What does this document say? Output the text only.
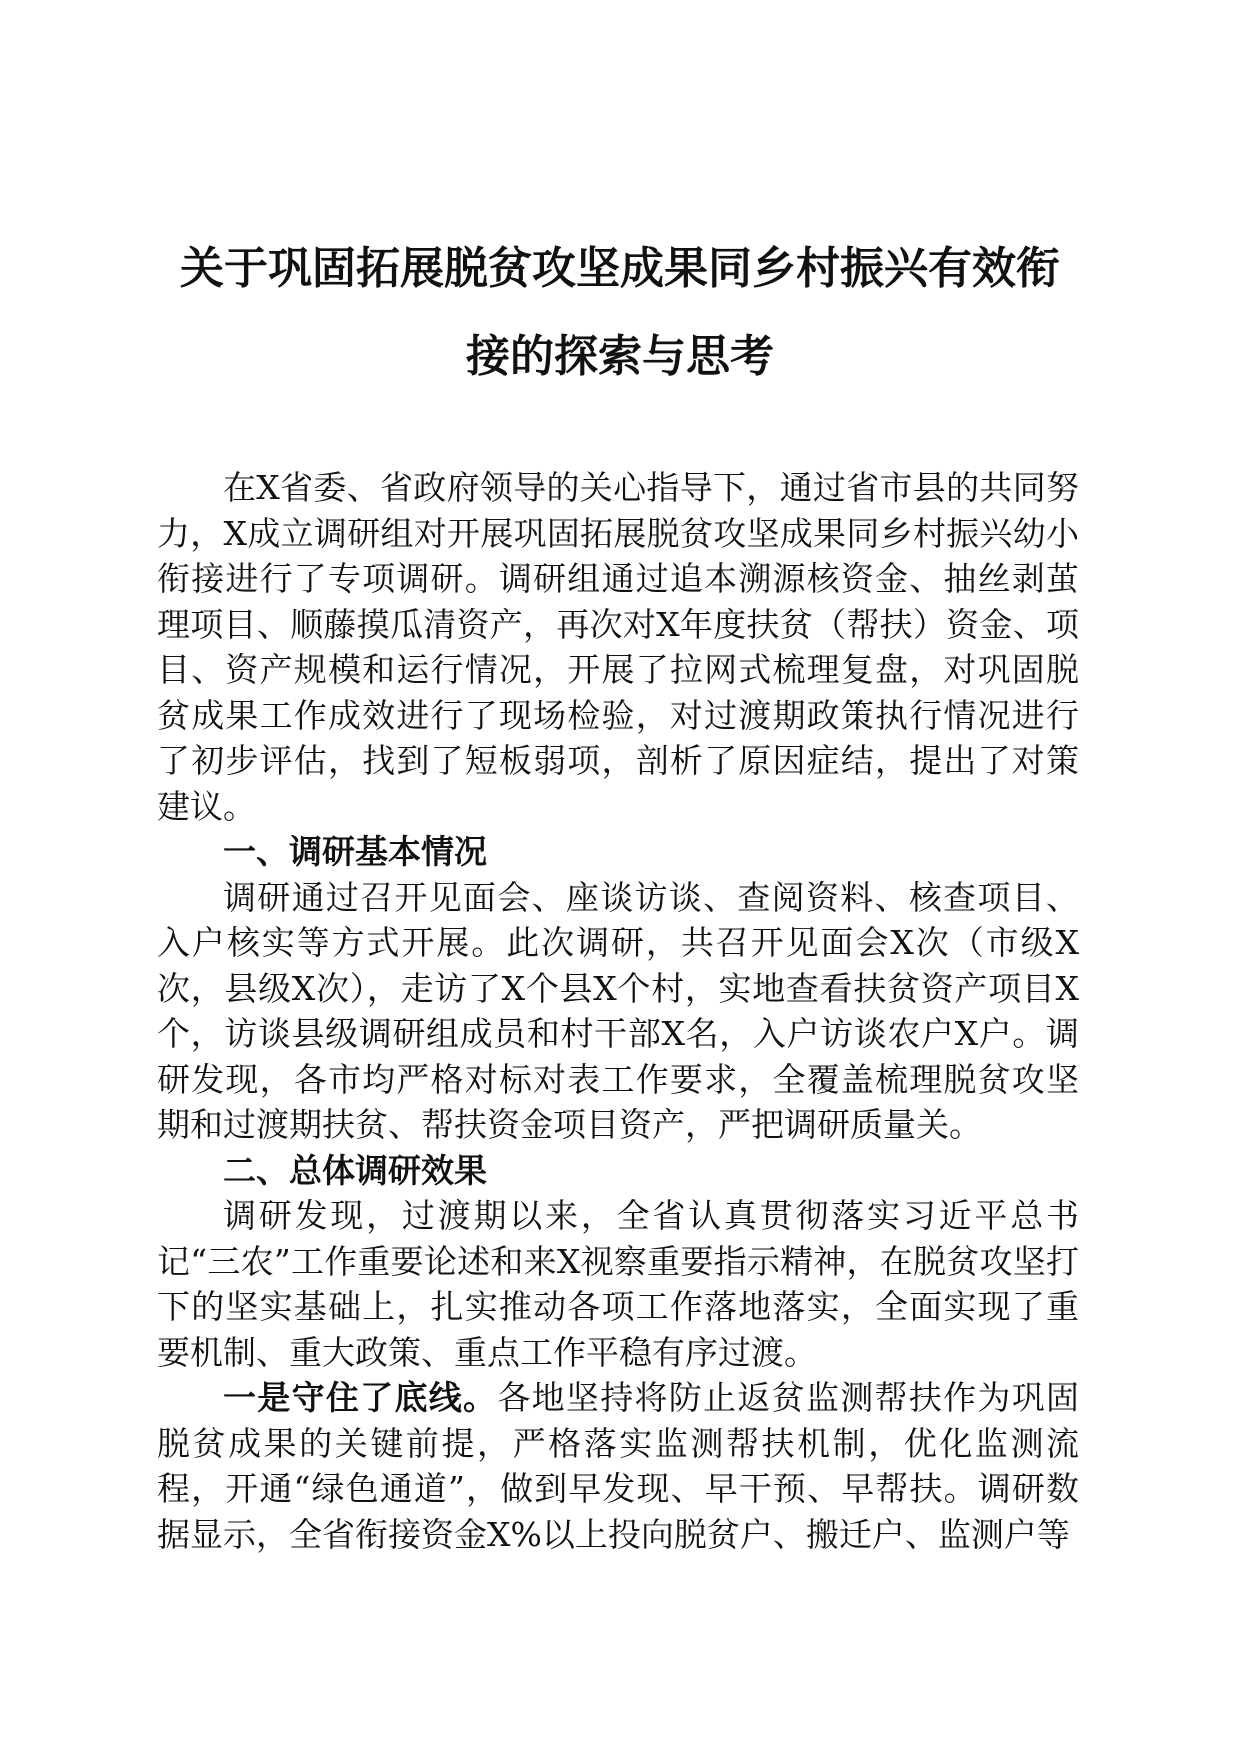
关于巩固拓展脱贫攻坚成果同乡村振兴有效衔
接的探索与思考

在X省委、省政府领导的关心指导下，通过省市县的共同努力，X成立调研组对开展巩固拓展脱贫攻坚成果同乡村振兴幼小衔接进行了专项调研。调研组通过追本溯源核资金、抽丝剥茧理项目、顺藤摸瓜清资产，再次对X年度扶贫（帮扶）资金、项目、资产规模和运行情况，开展了拉网式梳理复盘，对巩固脱贫成果工作成效进行了现场检验，对过渡期政策执行情况进行了初步评估，找到了短板弱项，剖析了原因症结，提出了对策建议。

一、调研基本情况

调研通过召开见面会、座谈访谈、查阅资料、核查项目、入户核实等方式开展。此次调研，共召开见面会X次（市级X次，县级X次），走访了X个县X个村，实地查看扶贫资产项目X个，访谈县级调研组成员和村干部X名，入户访谈农户X户。调研发现，各市均严格对标对表工作要求，全覆盖梳理脱贫攻坚期和过渡期扶贫、帮扶资金项目资产，严把调研质量关。

二、总体调研效果

调研发现，过渡期以来，全省认真贯彻落实习近平总书记“三农”工作重要论述和来X视察重要指示精神，在脱贫攻坚打下的坚实基础上，扎实推动各项工作落地落实，全面实现了重要机制、重大政策、重点工作平稳有序过渡。

一是守住了底线。各地坚持将防止返贫监测帮扶作为巩固脱贫成果的关键前提，严格落实监测帮扶机制，优化监测流程，开通“绿色通道”，做到早发现、早干预、早帮扶。调研数据显示，全省衔接资金X%以上投向脱贫户、搬迁户、监测户等
